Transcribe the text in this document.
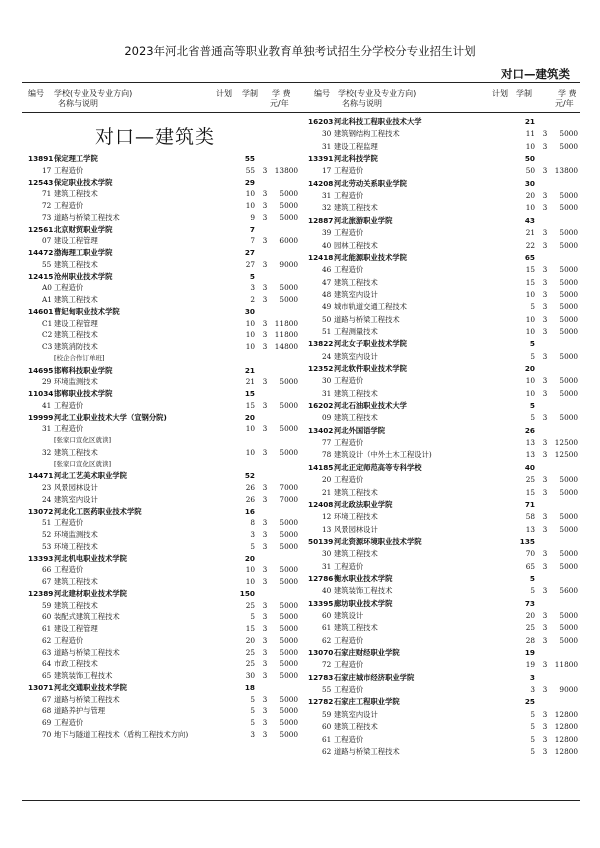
2023年河北省普通高等职业教育单独考试招生分学校分专业招生计划
对口—建筑类
编号 学校(专业及专业方向)
名称与说明
计划 学制 学 费
元/年
编号 学校(专业及专业方向)
名称与说明
计划 学制	学 费
元/年
对口—建筑类
13891 保定理工学院	55
17 工程造价	55	3	13800
12543 保定职业技术学院	29
71 建筑工程技术	10	3	5000
72 工程造价	10	3	5000
73 道路与桥梁工程技术	9	3	5000
12561 北京财贸职业学院	7
07 建设工程管理	7	3	6000
14472 渤海理工职业学院	27
55 建筑工程技术	27	3	9000
12415 沧州职业技术学院	5
A0 工程造价	3	3	5000
A1 建筑工程技术	2	3	5000
14601 曹妃甸职业技术学院	30
C1 建设工程管理	10	3	11800
C2 建筑工程技术	10	3	11800
C3 建筑消防技术	10	3	14800
[校企合作订单班]
14695 邯郸科技职业学院	21
29 环境监测技术	21	3	5000
11034 邯郸职业技术学院	15
41 工程造价	15	3	5000
19999 河北工业职业技术大学（宣钢分院)	20
31 工程造价	10	3	5000
[张家口宣化区就读]
32 建筑工程技术	10	3	5000
[张家口宣化区就读]
14471 河北工艺美术职业学院	52
23 风景园林设计	26	3	7000
24 建筑室内设计	26	3	7000
13072 河北化工医药职业技术学院	16
51 工程造价	8	3	5000
52 环境监测技术	3	3	5000
53 环境工程技术	5	3	5000
13393 河北机电职业技术学院	20
66 工程造价	10	3	5000
67 建筑工程技术	10	3	5000
12389 河北建材职业技术学院	150
59 建筑工程技术	25	3	5000
60 装配式建筑工程技术	5	3	5000
61 建设工程管理	15	3	5000
62 工程造价	20	3	5000
63 道路与桥梁工程技术	25	3	5000
64 市政工程技术	25	3	5000
65 建筑装饰工程技术	30	3	5000
13071 河北交通职业技术学院	18
67 道路与桥梁工程技术	5	3	5000
68 道路养护与管理	5	3	5000
69 工程造价	5	3	5000
70 地下与隧道工程技术（盾构工程技术方向)	3	3	5000
16203 河北科技工程职业技术大学	21
30 建筑钢结构工程技术	11	3	5000
31 建设工程监理	10	3	5000
13391 河北科技学院	50
17 工程造价	50	3	13800
14208 河北劳动关系职业学院	30
31 工程造价	20	3	5000
32 建筑工程技术	10	3	5000
12887 河北旅游职业学院	43
39 工程造价	21	3	5000
40 园林工程技术	22	3	5000
12418 河北能源职业技术学院	65
46 工程造价	15	3	5000
47 建筑工程技术	15	3	5000
48 建筑室内设计	10	3	5000
49 城市轨道交通工程技术	5	3	5000
50 道路与桥梁工程技术	10	3	5000
51 工程测量技术	10	3	5000
13822 河北女子职业技术学院	5
24 建筑室内设计	5	3	5000
12352 河北软件职业技术学院	20
30 工程造价	10	3	5000
31 建筑工程技术	10	3	5000
16202 河北石油职业技术大学	5
09 建筑工程技术	5	3	5000
13402 河北外国语学院	26
77 工程造价	13	3	12500
78 建筑设计（中外土木工程设计)	13	3	12500
14185 河北正定师范高等专科学校	40
20 工程造价	25	3	5000
21 建筑工程技术	15	3	5000
12408 河北政法职业学院	71
12 环境工程技术	58	3	5000
13 风景园林设计	13	3	5000
50139 河北资源环境职业技术学院	135
30 建筑工程技术	70	3	5000
31 工程造价	65	3	5000
12786 衡水职业技术学院	5
40 建筑装饰工程技术	5	3	5600
13395 廊坊职业技术学院	73
60 建筑设计	20	3	5000
61 建筑工程技术	25	3	5000
62 工程造价	28	3	5000
13070 石家庄财经职业学院	19
72 工程造价	19	3	11800
12783 石家庄城市经济职业学院	3
55 工程造价	3	3	9000
12782 石家庄工程职业学院	25
59 建筑室内设计	5	3	12800
60 建筑工程技术	5	3	12800
61 工程造价	5	3	12800
62 道路与桥梁工程技术	5	3	12800
